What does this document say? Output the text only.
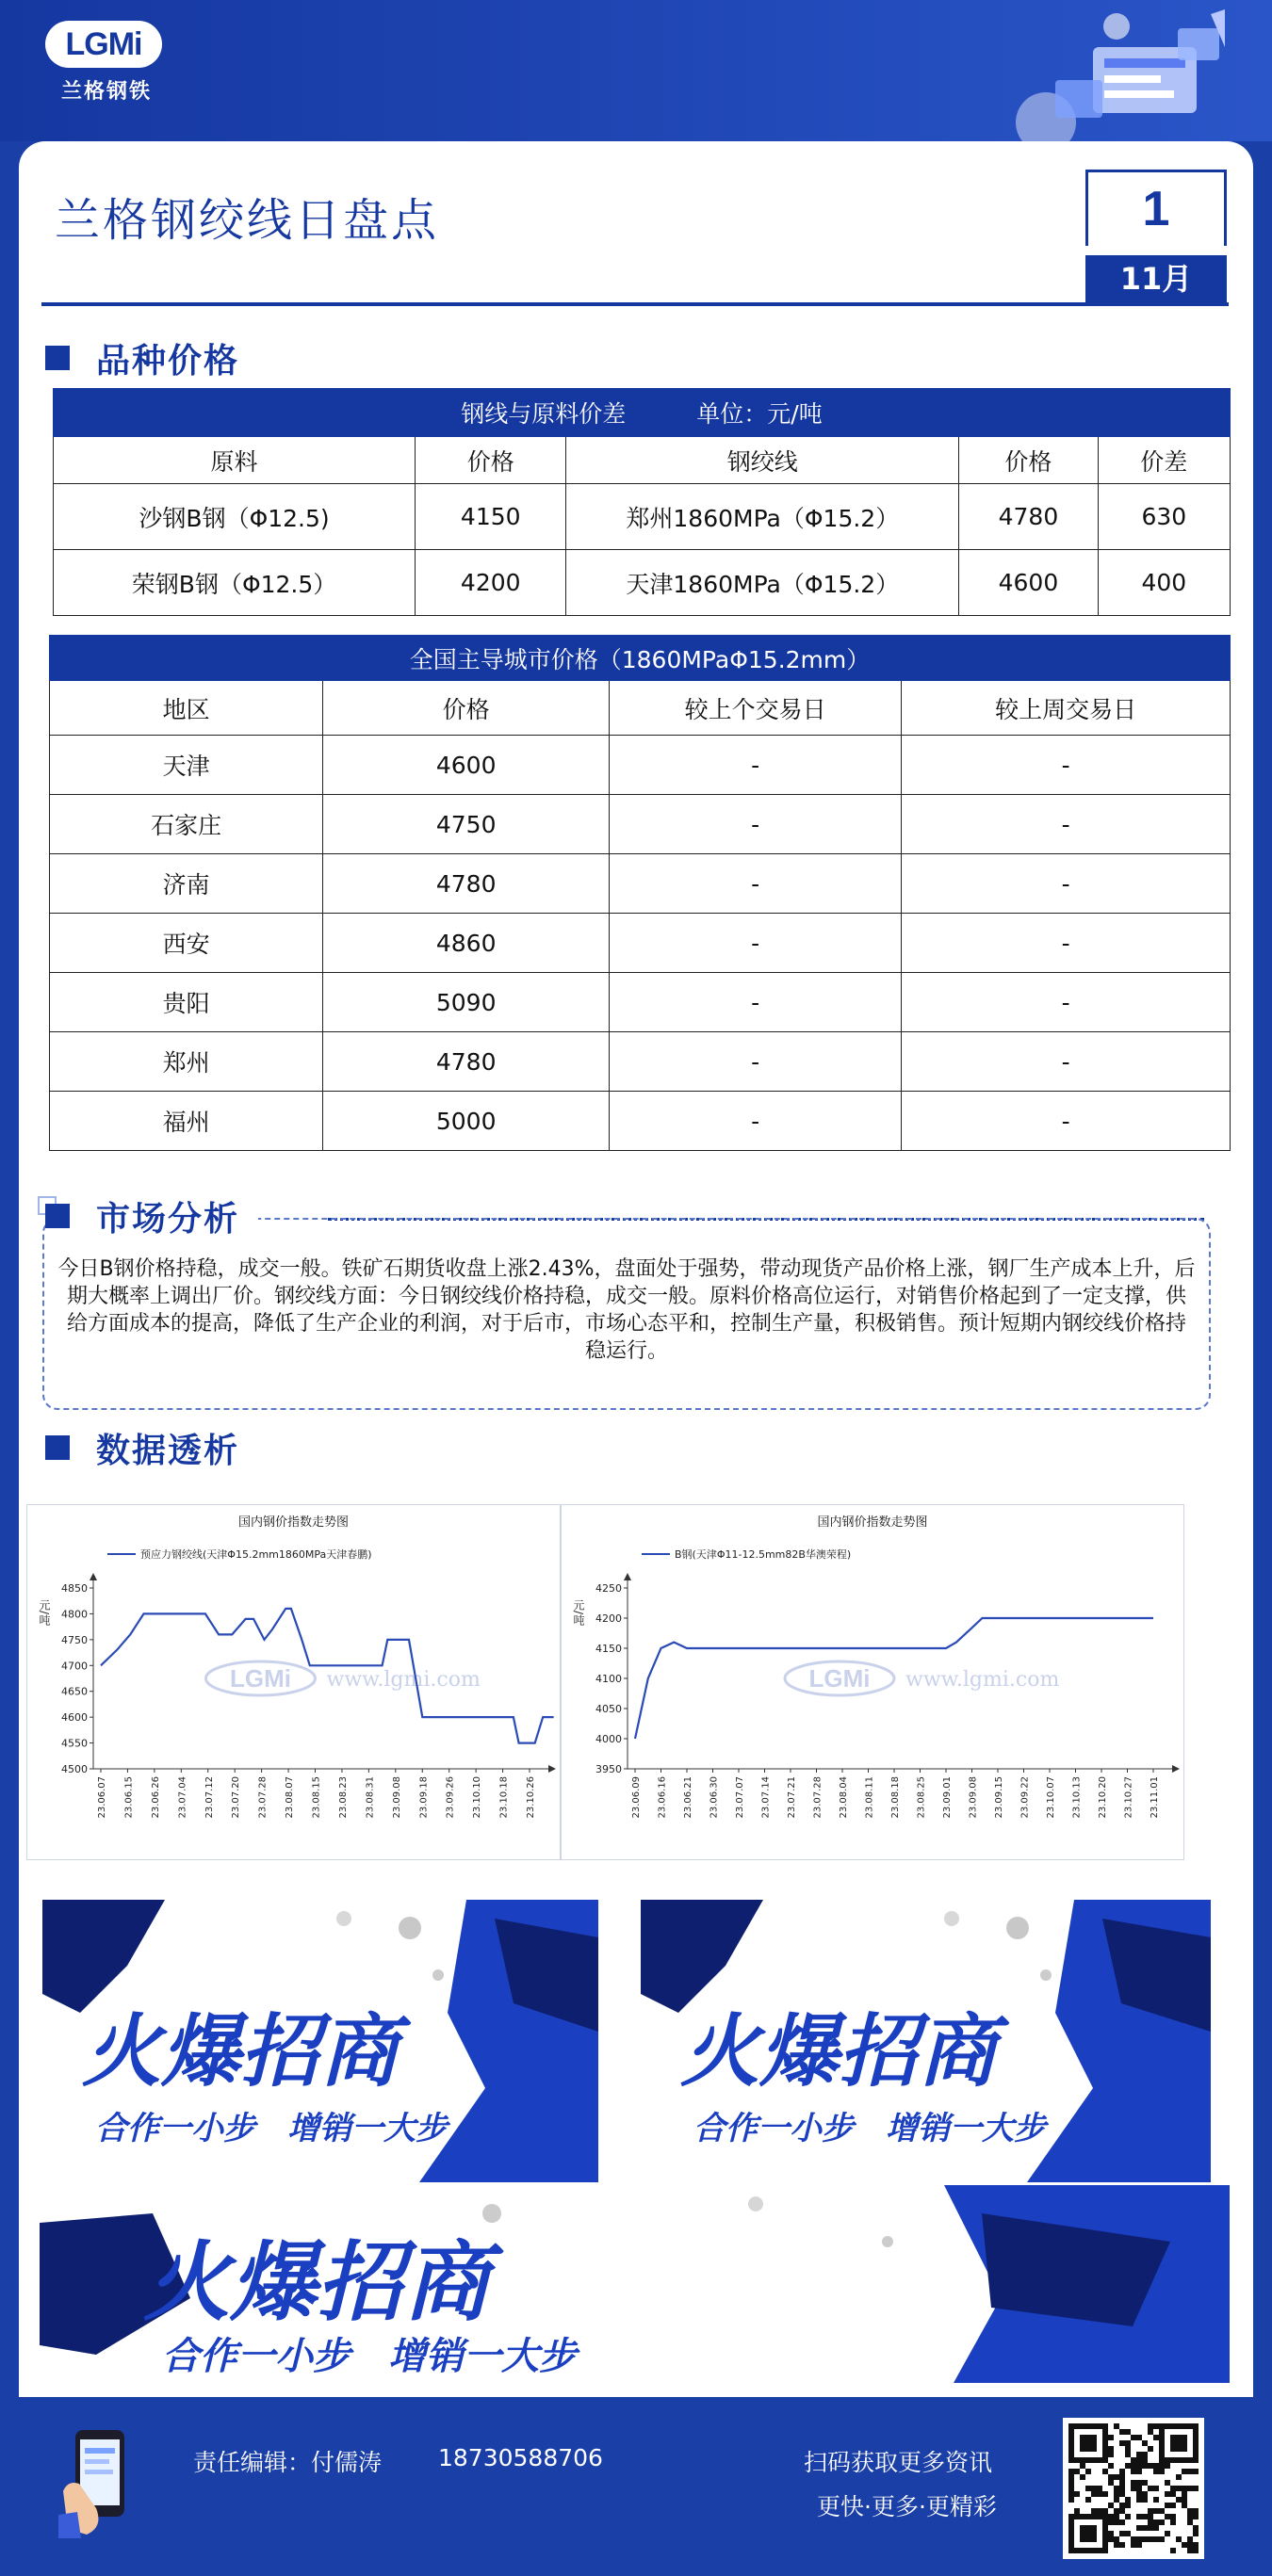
LGMi
兰格钢铁
兰格钢绞线日盘点	1
11月
品种价格
钢线与原料价差　　　单位：元/吨				
原料	价格	钢绞线	价格	价差
沙钢B钢（Φ12.5)	4150	郑州1860MPa（Φ15.2）	4780	630
荣钢B钢（Φ12.5）	4200	天津1860MPa（Φ15.2）	4600	400
全国主导城市价格（1860MPaΦ15.2mm）			
地区	价格	较上个交易日	较上周交易日
天津	4600	-	-
石家庄	4750	-	-
济南	4780	-	-
西安	4860	-	-
贵阳	5090	-	-
郑州	4780	-	-
福州	5000	-	-
市场分析

今日B钢价格持稳，成交一般。铁矿石期货收盘上涨2.43%，盘面处于强势，带动现货产品价格上涨，钢厂生产成本上升，后期大概率上调出厂价。钢绞线方面：今日钢绞线价格持稳，成交一般。原料价格高位运行，对销售价格起到了一定支撑，供给方面成本的提高，降低了生产企业的利润，对于后市，市场心态平和，控制生产量，积极销售。预计短期内钢绞线价格持稳运行。

数据透析
国内钢价指数走势图
预应力钢绞线(天津Φ15.2mm1860MPa天津春鹏)
元/吨
4500
4550
4600
4650
4700
4750
4800
4850
23.06.07 23.06.15 23.06.26 23.07.04 23.07.12 23.07.20 23.07.28 23.08.07 23.08.15 23.08.23 23.08.31 23.09.08 23.09.18 23.09.26 23.10.10 23.10.18 23.10.26
LGMi www.lgmi.com
国内钢价指数走势图
B钢(天津Φ11-12.5mm82B华澳荣程)
元/吨
3950
4000
4050
4100
4150
4200
4250
23.06.09 23.06.16 23.06.21 23.06.30 23.07.07 23.07.14 23.07.21 23.07.28 23.08.04 23.08.11 23.08.18 23.08.25 23.09.01 23.09.08 23.09.15 23.09.22 23.10.07 23.10.13 23.10.20 23.10.27 23.11.01
LGMi www.lgmi.com
火爆招商
合作一小步　增销一大步
火爆招商
合作一小步　增销一大步
火爆招商
合作一小步　增销一大步
责任编辑：付儒涛 18730588706	扫码获取更多资讯
更快·更多·更精彩
